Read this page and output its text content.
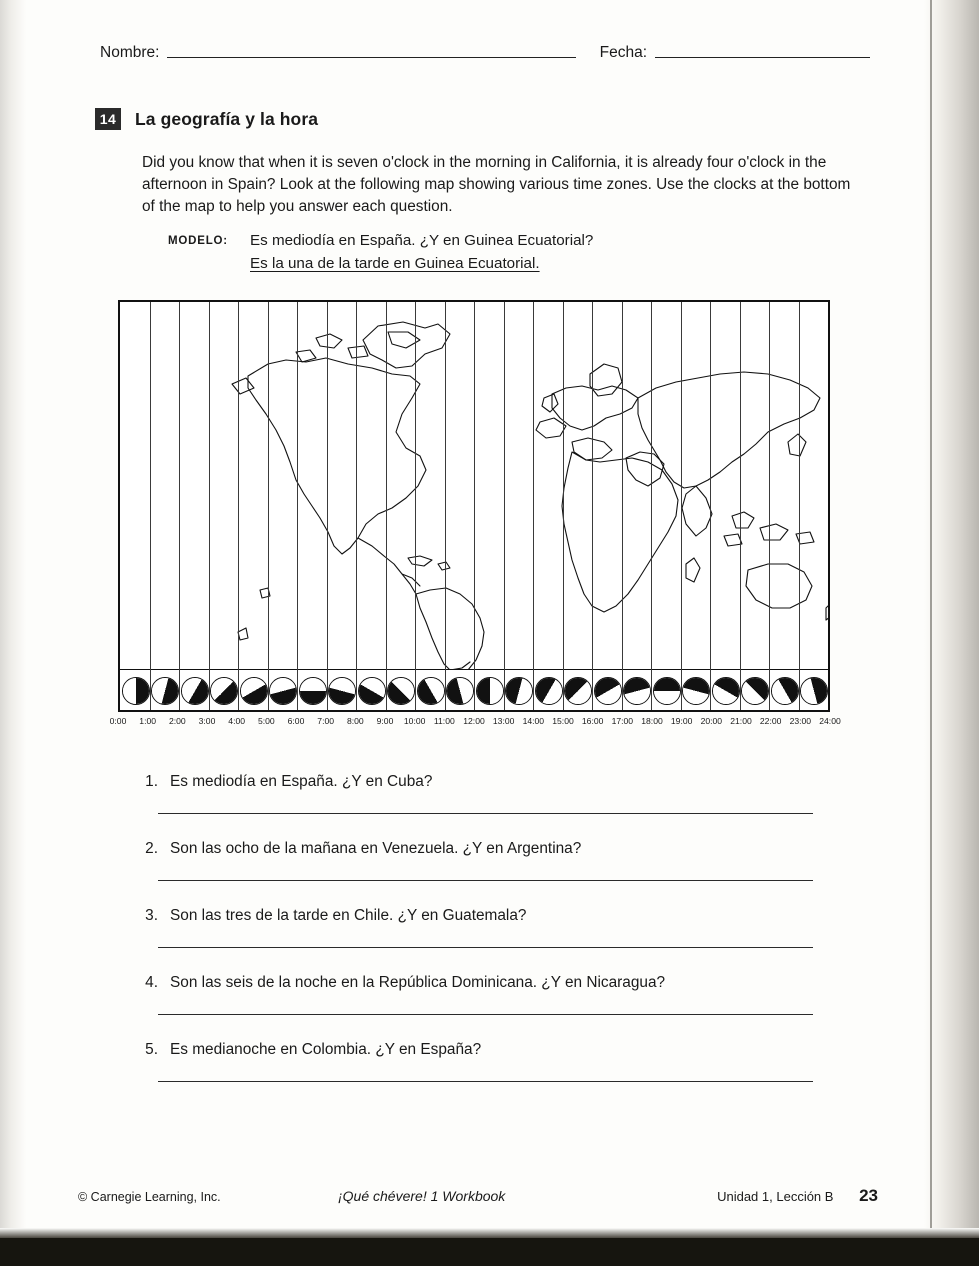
Nombre:	Fecha:
14 La geografía y la hora
Did you know that when it is seven o'clock in the morning in California, it is already four o'clock in the afternoon in Spain? Look at the following map showing various time zones. Use the clocks at the bottom of the map to help you answer each question.
MODELO: Es mediodía en España. ¿Y en Guinea Ecuatorial?
Es la una de la tarde en Guinea Ecuatorial.
0:00 1:00 2:00 3:00 4:00 5:00 6:00 7:00 8:00 9:00 10:00 11:00 12:00 13:00 14:00 15:00 16:00 17:00 18:00 19:00 20:00 21:00 22:00 23:00 24:00
1. Es mediodía en España. ¿Y en Cuba?
2. Son las ocho de la mañana en Venezuela. ¿Y en Argentina?
3. Son las tres de la tarde en Chile. ¿Y en Guatemala?
4. Son las seis de la noche en la República Dominicana. ¿Y en Nicaragua?
5. Es medianoche en Colombia. ¿Y en España?
© Carnegie Learning, Inc.	¡Qué chévere! 1 Workbook	Unidad 1, Lección B 23
